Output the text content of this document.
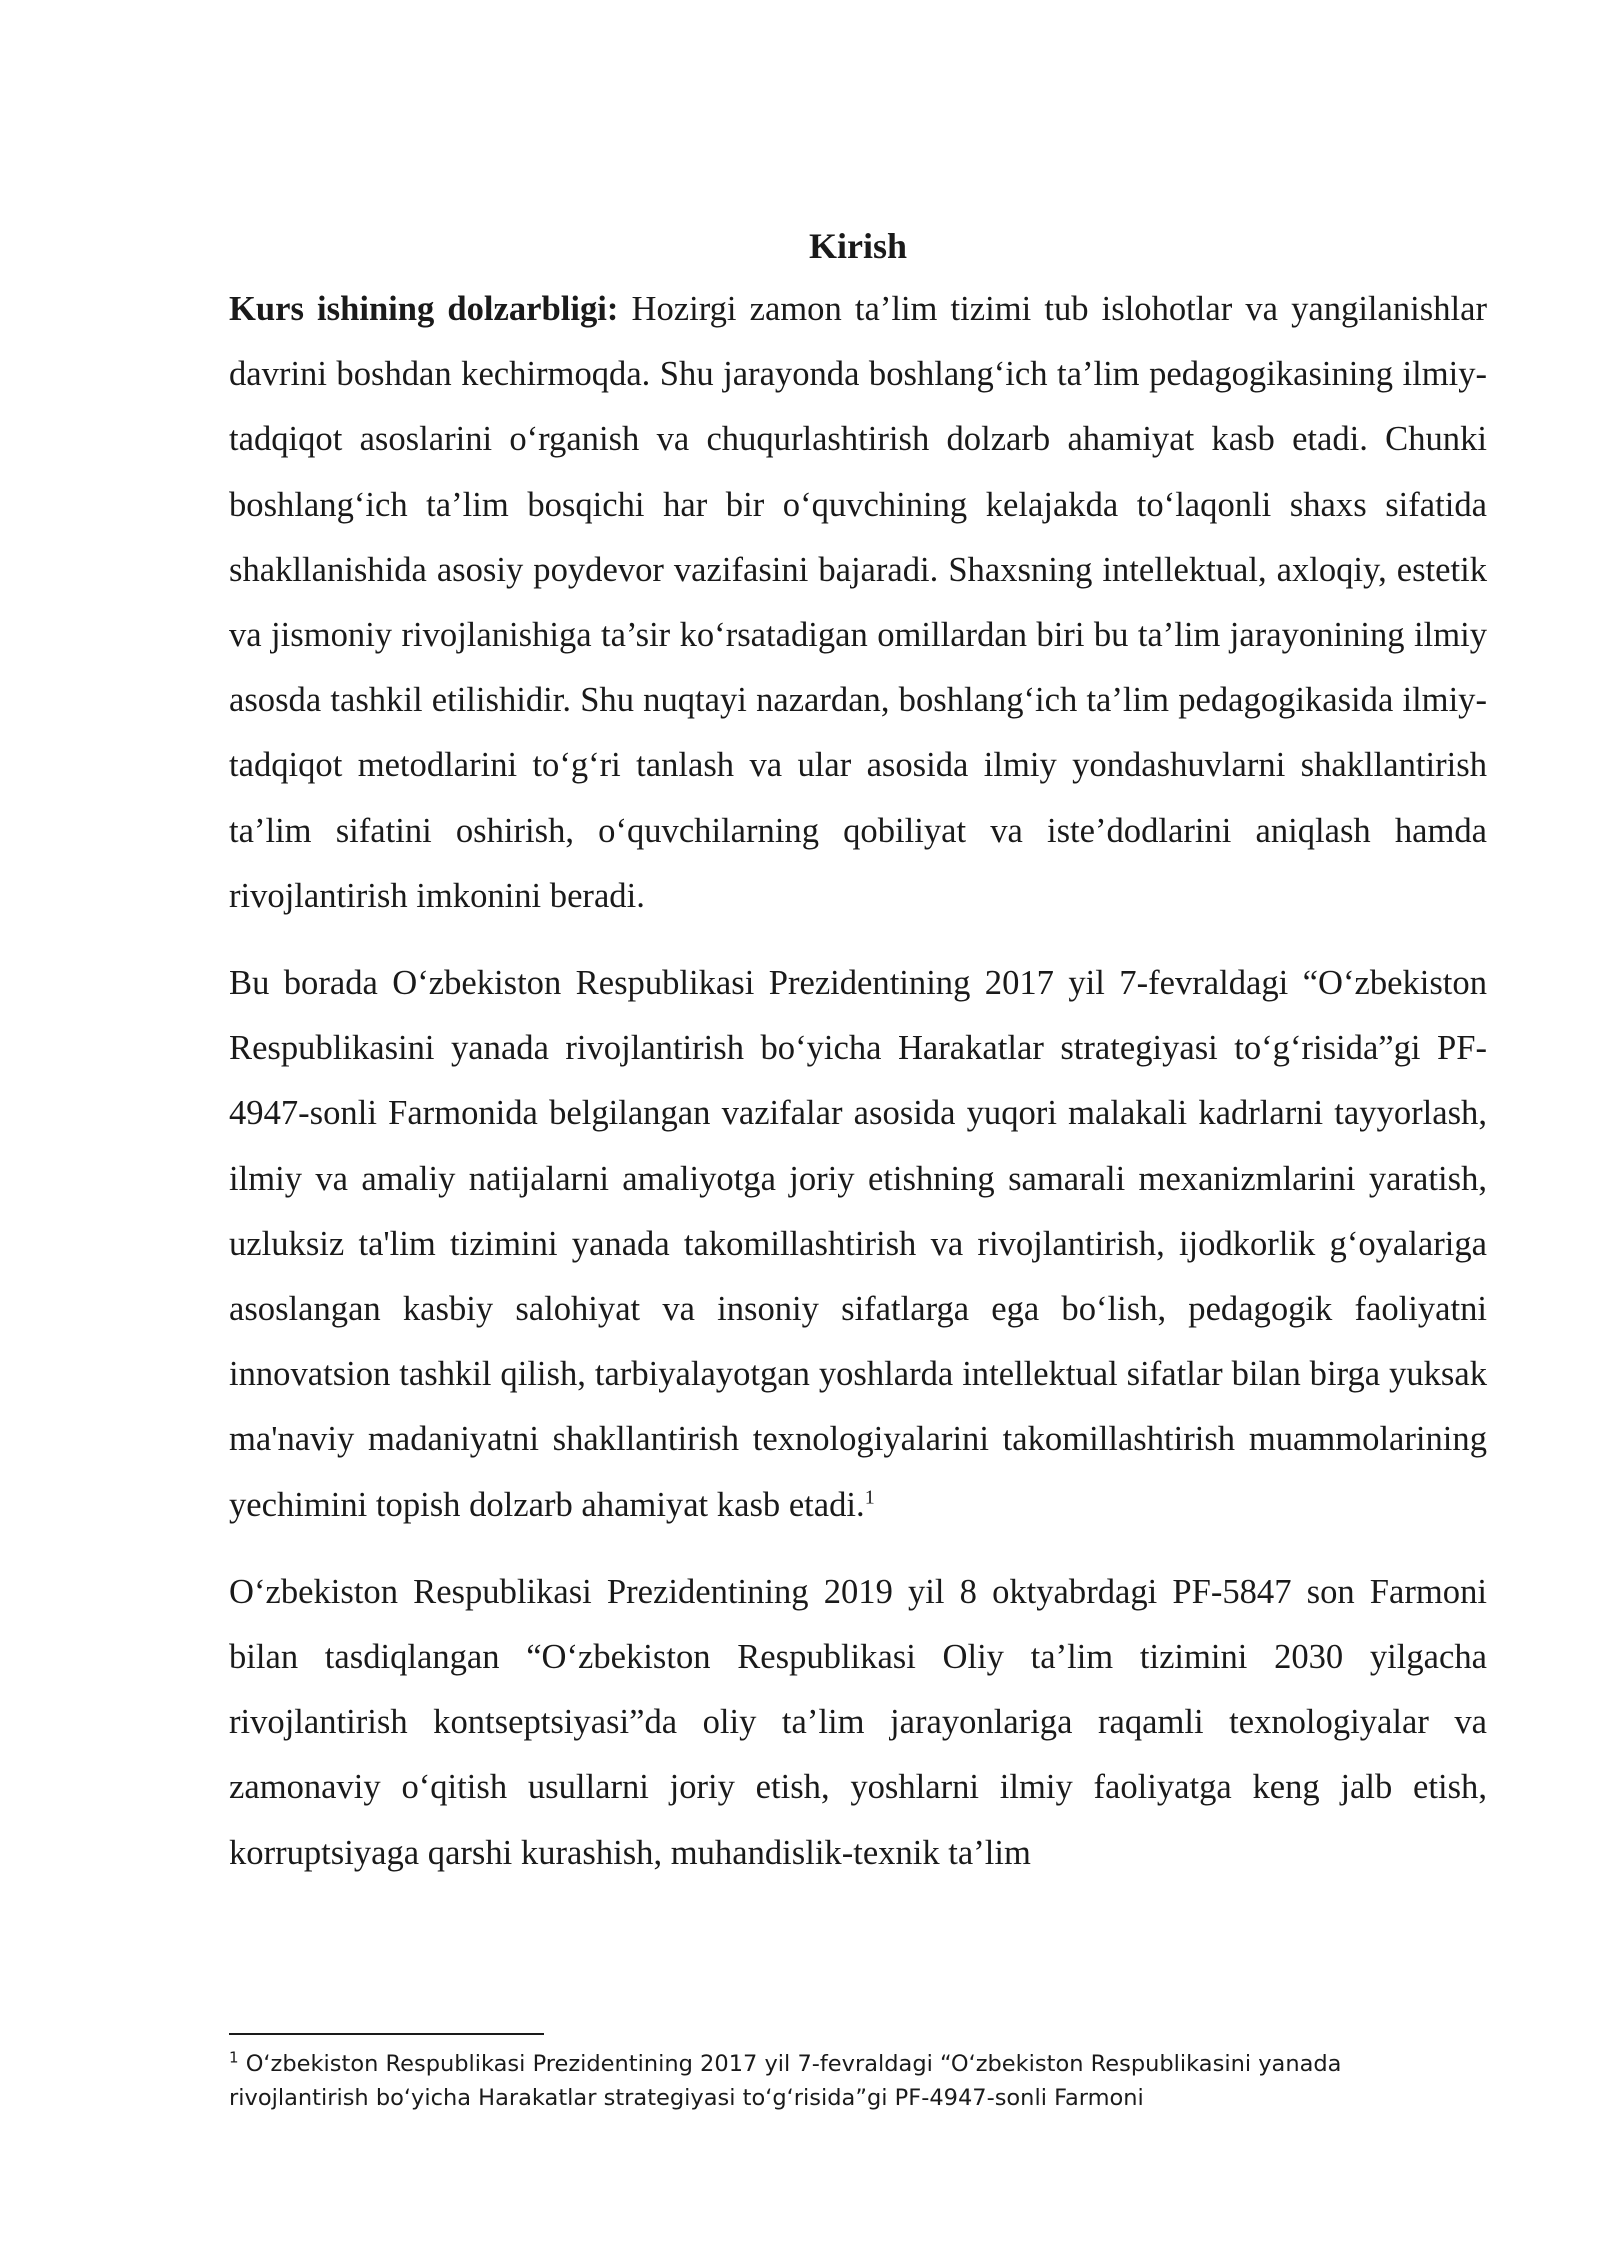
Kirish

Kurs ishining dolzarbligi: Hozirgi zamon ta’lim tizimi tub islohotlar va yangilanishlar davrini boshdan kechirmoqda. Shu jarayonda boshlang‘ich ta’lim pedagogikasining ilmiy-tadqiqot asoslarini o‘rganish va chuqurlashtirish dolzarb ahamiyat kasb etadi. Chunki boshlang‘ich ta’lim bosqichi har bir o‘quvchining kelajakda to‘laqonli shaxs sifatida shakllanishida asosiy poydevor vazifasini bajaradi. Shaxsning intellektual, axloqiy, estetik va jismoniy rivojlanishiga ta’sir ko‘rsatadigan omillardan biri bu ta’lim jarayonining ilmiy asosda tashkil etilishidir. Shu nuqtayi nazardan, boshlang‘ich ta’lim pedagogikasida ilmiy-tadqiqot metodlarini to‘g‘ri tanlash va ular asosida ilmiy yondashuvlarni shakllantirish ta’lim sifatini oshirish, o‘quvchilarning qobiliyat va iste’dodlarini aniqlash hamda rivojlantirish imkonini beradi.

Bu borada O‘zbekiston Respublikasi Prezidentining 2017 yil 7-fevraldagi “O‘zbekiston Respublikasini yanada rivojlantirish bo‘yicha Harakatlar strategiyasi to‘g‘risida”gi PF-4947-sonli Farmonida belgilangan vazifalar asosida yuqori malakali kadrlarni tayyorlash, ilmiy va amaliy natijalarni amaliyotga joriy etishning samarali mexanizmlarini yaratish, uzluksiz ta'lim tizimini yanada takomillashtirish va rivojlantirish, ijodkorlik g‘oyalariga asoslangan kasbiy salohiyat va insoniy sifatlarga ega bo‘lish, pedagogik faoliyatni innovatsion tashkil qilish, tarbiyalayotgan yoshlarda intellektual sifatlar bilan birga yuksak ma'naviy madaniyatni shakllantirish texnologiyalarini takomillashtirish muammolarining yechimini topish dolzarb ahamiyat kasb etadi.$^1$

O‘zbekiston Respublikasi Prezidentining 2019 yil 8 oktyabrdagi PF-5847 son Farmoni bilan tasdiqlangan “O‘zbekiston Respublikasi Oliy ta’lim tizimini 2030 yilgacha rivojlantirish kontseptsiyasi”da oliy ta’lim jarayonlariga raqamli texnologiyalar va zamonaviy o‘qitish usullarni joriy etish, yoshlarni ilmiy faoliyatga keng jalb etish, korruptsiyaga qarshi kurashish, muhandislik-texnik ta’lim

$^1$ O‘zbekiston Respublikasi Prezidentining 2017 yil 7-fevraldagi “O‘zbekiston Respublikasini yanada rivojlantirish bo‘yicha Harakatlar strategiyasi to‘g‘risida”gi PF-4947-sonli Farmoni
